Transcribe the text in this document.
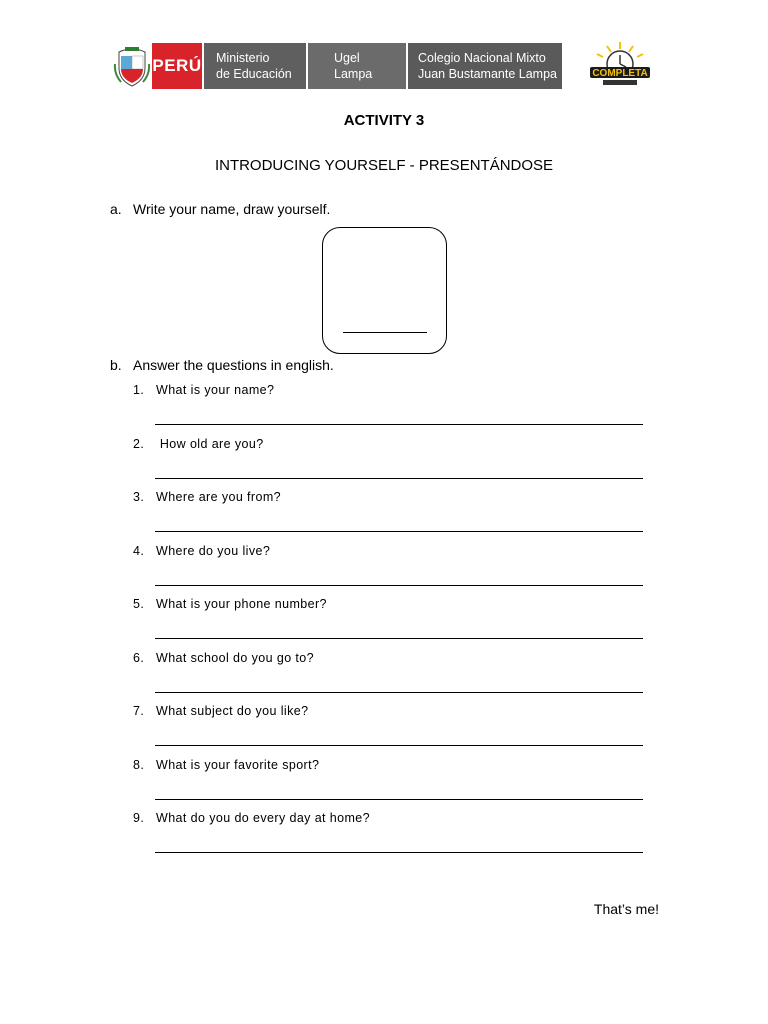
PERÚ Ministerio
de Educación
Ugel
Lampa
Colegio Nacional Mixto
Juan Bustamante Lampa	COMPLETA
ACTIVITY 3
INTRODUCING YOURSELF - PRESENTÁNDOSE
a. Write your name, draw yourself.
b. Answer the questions in english.
1. What is your name?
2. How old are you?
3. Where are you from?
4. Where do you live?
5. What is your phone number?
6. What school do you go to?
7. What subject do you like?
8. What is your favorite sport?
9. What do you do every day at home?
That’s me!
